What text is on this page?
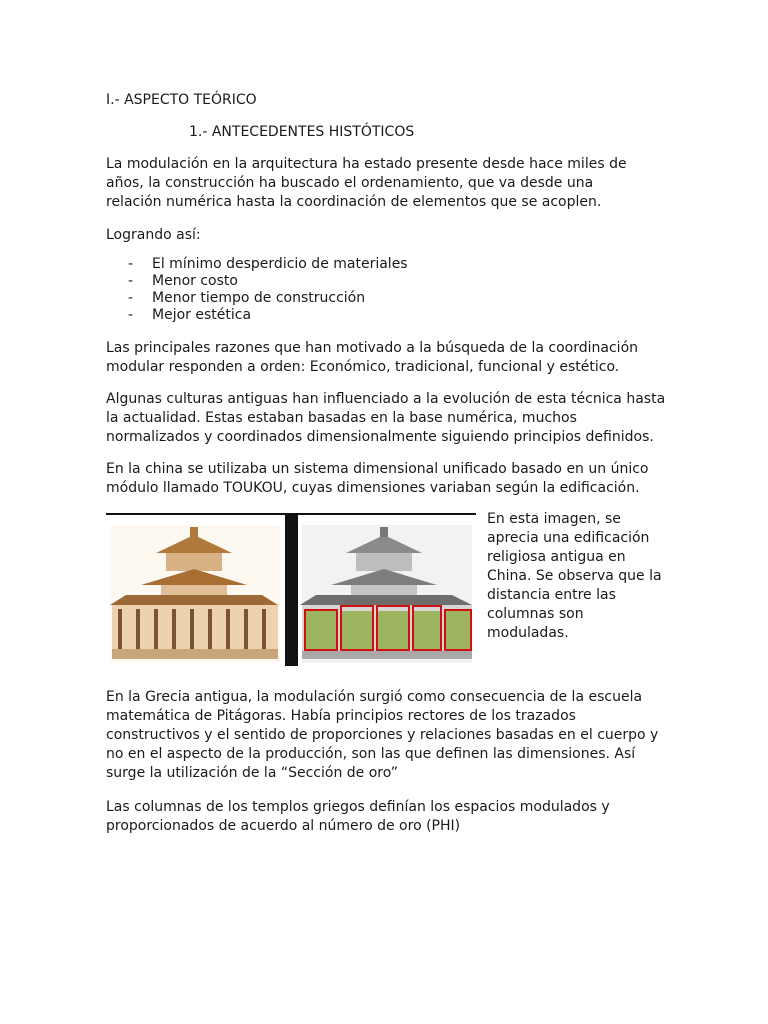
I.- ASPECTO TEÓRICO

1.- ANTECEDENTES HISTÓTICOS

La modulación en la arquitectura ha estado presente desde hace miles de años, la construcción ha buscado el ordenamiento, que va desde una relación numérica hasta la coordinación de elementos que se acoplen.

Logrando así:

- El mínimo desperdicio de materiales
- Menor costo
- Menor tiempo de construcción
- Mejor estética

Las principales razones que han motivado a la búsqueda de la coordinación modular responden a orden: Económico, tradicional, funcional y estético.

Algunas culturas antiguas han influenciado a la evolución de esta técnica hasta la actualidad. Estas estaban basadas en la base numérica, muchos normalizados y coordinados dimensionalmente siguiendo principios definidos.

En la china se utilizaba un sistema dimensional unificado basado en un único módulo llamado TOUKOU, cuyas dimensiones variaban según la edificación.

En esta imagen, se aprecia una edificación religiosa antigua en China. Se observa que la distancia entre las columnas son moduladas.

En la Grecia antigua, la modulación surgió como consecuencia de la escuela matemática de Pitágoras. Había principios rectores de los trazados constructivos y el sentido de proporciones y relaciones basadas en el cuerpo y no en el aspecto de la producción, son las que definen las dimensiones. Así surge la utilización de la “Sección de oro”

Las columnas de los templos griegos definían los espacios modulados y proporcionados de acuerdo al número de oro (PHI)
